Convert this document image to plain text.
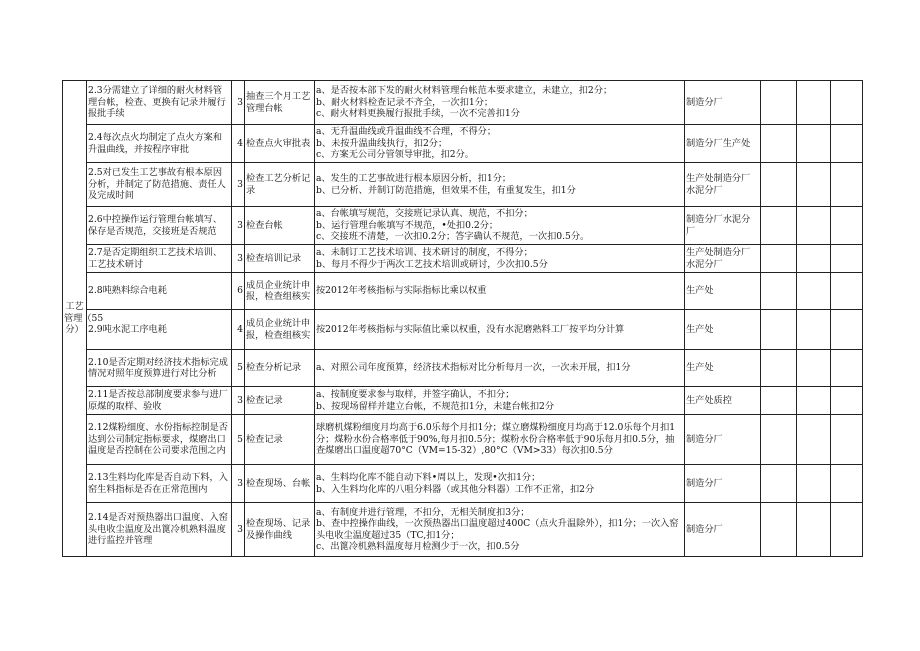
工艺
管理（55
分）	2.3分需建立了详细的耐火材料管理台帐，检查、更换有记录并履行报批手续	3	抽查三个月工艺管理台帐	a、是否按本部下发的耐火材料管理台帐范本要求建立，未建立，扣2分；
b、耐火材料检查记录不齐全，一次扣1分；
c、耐火材料更换履行报批手续，一次不完善扣1分	制造分厂			
	2.4每次点火均制定了点火方案和升温曲线，并按程序审批	4	检查点火审批表	a、无升温曲线或升温曲线不合理，不得分；
b、未按升温曲线执行，扣2分；
c、方案无公司分管领导审批，扣2分。	制造分厂生产处			
	2.5对已发生工艺事故有根本原因分析，并制定了防范措施、责任人及完成时间	3	检查工艺分析记录	a、发生的工艺事故进行根本原因分析，扣1分；
b、已分析、并制订防范措施，但效果不佳，有重复发生，扣1分	生产处制造分厂水泥分厂			
	2.6中控操作运行管理台帐填写、保存是否规范，交接班是否规范	3	检查台帐	a、台帐填写规范，交接班记录认真、规范，不扣分；
b、运行管理台帐填写不规范，•处扣0.2分；
c、交接班不清楚，一次扣0.2分；答字确认不规范，一次扣0.5分。	制造分厂水泥分厂			
	2.7是否定期组织工艺技术培训、工艺技术研讨	3	检查培训记录	a、未制订工艺技术培训、技术研讨的制度，不得分；
b、每月不得少于两次工艺技术培训或研讨，少次扣0.5分	生产处制造分厂水泥分厂			
	2.8吨熟料综合电耗	6	成员企业统计申报，检查组核实	按2012年考核指标与实际指标比乘以权重	生产处			
	2.9吨水泥工序电耗	4	成员企业统计申报，检查组核实	按2012年考核指标与实际值比乘以权重，没有水泥磨熟料工厂按平均分计算	生产处			
	2.10是否定期对经济技术指标完成情况对照年度预算进行对比分析	5	检查分析记录	a、对照公司年度预算，经济技术指标对比分析每月一次，一次未开展，扣1分	生产处			
	2.11是否按总部制度要求参与进厂原煤的取样、验收	3	检查记录	a、按制度要求参与取样，并签字确认，不扣分；
b、按现场留样并建立台帐，不规范扣1分，未建台帐扣2分	生产处质控			
	2.12煤粉细度、水份指标控制是否达到公司制定指标要求，煤磨出口温度是否控制在公司要求范围之内	5	检查记录	球磨机煤粉细度月均高于6.0乐每个月扣1分；煤立磨煤粉细度月均高于12.0乐每个月扣1分；煤粉水份合格率低于90%,每月扣0.5分；煤粉水份合格率低于90乐每月扣0.5分，抽查煤磨出口温度超70°C（VM=15-32）,80°C（VM>33）每次扣0.5分	制造分厂			
	2.13生料均化库是否自动下料，入窑生料指标是否在正常范围内	3	检查现场、台帐	a、生料均化库不能自动下料•周以上，发现•次扣1分；
b、入生料均化库的八咀分料器（或其他分料器）工作不正常，扣2分	制造分厂			
	2.14是否对预热器出口温度、入窑头电收尘温度及出篦冷机熟料温度进行监控并管理	3	检查现场、记录及操作曲线	a、有制度并进行管理，不扣分，无相关制度扣3分；
b、查中控操作曲线，一次预热器出口温度超过400C（点火升温除外），扣1分；一次入窑头电收尘温度超过35（TC,扣1分；
c、出篦冷机熟料温度每月检测少于一次，扣0.5分	制造分厂			
